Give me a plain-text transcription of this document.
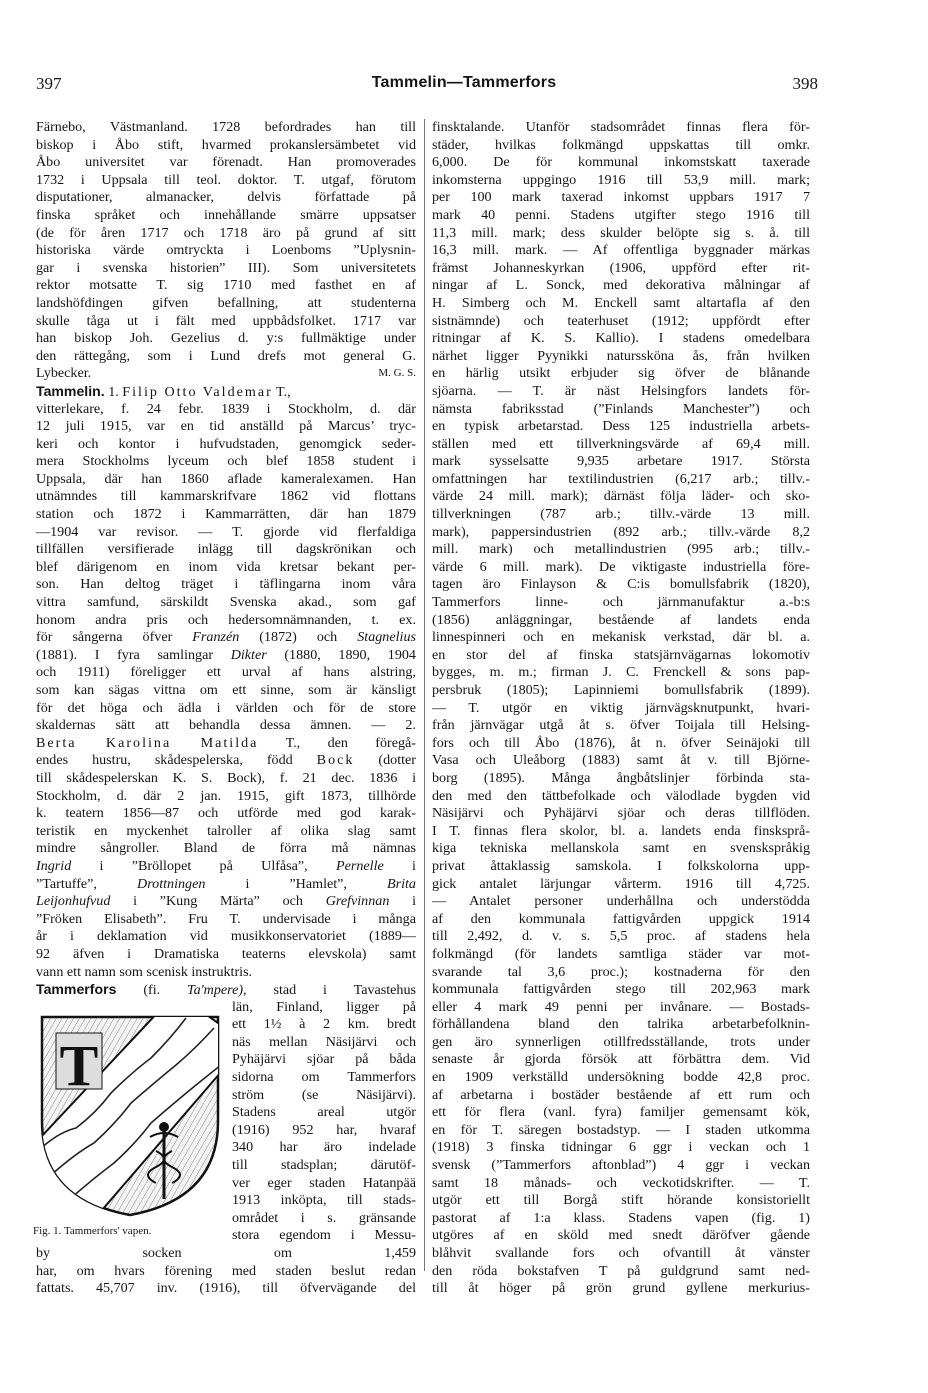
397	Tammelin—Tammerfors	398
Färnebo, Västmanland. 1728 befordrades han till
biskop i Åbo stift, hvarmed prokanslersämbetet vid
Åbo universitet var förenadt. Han promoverades
1732 i Uppsala till teol. doktor. T. utgaf, förutom
disputationer, almanacker, delvis författade på
finska språket och innehållande smärre uppsatser
(de för åren 1717 och 1718 äro på grund af sitt
historiska värde omtryckta i Loenboms ”Uplysnin-
gar i svenska historien” III). Som universitetets
rektor motsatte T. sig 1710 med fasthet en af
landshöfdingen gifven befallning, att studenterna
skulle tåga ut i fält med uppbådsfolket. 1717 var
han biskop Joh. Gezelius d. y:s fullmäktige under
den rättegång, som i Lund drefs mot general G.
Lybecker.	M. G. S.
Tammelin. 1. Filip Otto Valdemar T.,
vitterlekare, f. 24 febr. 1839 i Stockholm, d. där
12 juli 1915, var en tid anställd på Marcus’ tryc-
keri och kontor i hufvudstaden, genomgick seder-
mera Stockholms lyceum och blef 1858 student i
Uppsala, där han 1860 aflade kameralexamen. Han
utnämndes till kammarskrifvare 1862 vid flottans
station och 1872 i Kammarrätten, där han 1879
—1904 var revisor. — T. gjorde vid flerfaldiga
tillfällen versifierade inlägg till dagskrönikan och
blef därigenom en inom vida kretsar bekant per-
son. Han deltog träget i täflingarna inom våra
vittra samfund, särskildt Svenska akad., som gaf
honom andra pris och hedersomnämnanden, t. ex.
för sångerna öfver Franzén (1872) och Stagnelius
(1881). I fyra samlingar Dikter (1880, 1890, 1904
och 1911) föreligger ett urval af hans alstring,
som kan sägas vittna om ett sinne, som är känsligt
för det höga och ädla i världen och för de store
skaldernas sätt att behandla dessa ämnen. — 2.
Berta Karolina Matilda T., den föregå-
endes hustru, skådespelerska, född Bock (dotter
till skådespelerskan K. S. Bock), f. 21 dec. 1836 i
Stockholm, d. där 2 jan. 1915, gift 1873, tillhörde
k. teatern 1856—87 och utförde med god karak-
teristik en myckenhet talroller af olika slag samt
mindre sångroller. Bland de förra må nämnas
Ingrid i ”Bröllopet på Ulfåsa”, Pernelle i
”Tartuffe”,	Drottningen	i	”Hamlet”,	Brita
Leijonhufvud i ”Kung Märta” och Grefvinnan i
”Fröken Elisabeth”. Fru T. undervisade i många
år i deklamation vid musikkonservatoriet (1889—
92 äfven i Dramatiska teaterns elevskola) samt
vann ett namn som scenisk instruktris.
Tammerfors (fi. Ta'mpere), stad i Tavastehus
T
Fig. 1. Tammerfors' vapen.
län, Finland, ligger på
ett 1½ à 2 km. bredt
näs mellan Näsijärvi och
Pyhäjärvi sjöar på båda
sidorna om Tammerfors
ström (se Näsijärvi).
Stadens areal utgör
(1916) 952 har, hvaraf
340 har äro indelade
till stadsplan; därutöf-
ver eger staden Hatanpää
1913 inköpta, till stads-
området i s. gränsande
stora egendom i Messu-
by socken om 1,459
har, om hvars förening med staden beslut redan
fattats. 45,707 inv. (1916), till öfvervägande del
finsktalande. Utanför stadsområdet finnas flera för-
städer, hvilkas folkmängd uppskattas till omkr.
6,000. De för kommunal inkomstskatt taxerade
inkomsterna uppgingo 1916 till 53,9 mill. mark;
per 100 mark taxerad inkomst uppbars 1917 7
mark 40 penni. Stadens utgifter stego 1916 till
11,3 mill. mark; dess skulder belöpte sig s. å. till
16,3 mill. mark. — Af offentliga byggnader märkas
främst Johanneskyrkan (1906, uppförd efter rit-
ningar af L. Sonck, med dekorativa målningar af
H. Simberg och M. Enckell samt altartafla af den
sistnämnde) och teaterhuset (1912; uppfördt efter
ritningar af K. S. Kallio). I stadens omedelbara
närhet ligger Pyynikki naturssköna ås, från hvilken
en härlig utsikt erbjuder sig öfver de blånande
sjöarna. — T. är näst Helsingfors landets för-
nämsta fabriksstad (”Finlands Manchester”) och
en typisk arbetarstad. Dess 125 industriella arbets-
ställen med ett tillverkningsvärde af 69,4 mill.
mark sysselsatte 9,935 arbetare 1917. Största
omfattningen har textilindustrien (6,217 arb.; tillv.-
värde 24 mill. mark); därnäst följa läder- och sko-
tillverkningen (787 arb.; tillv.-värde 13 mill.
mark), pappersindustrien (892 arb.; tillv.-värde 8,2
mill. mark) och metallindustrien (995 arb.; tillv.-
värde 6 mill. mark). De viktigaste industriella före-
tagen äro Finlayson & C:is bomullsfabrik (1820),
Tammerfors linne- och järnmanufaktur a.-b:s
(1856) anläggningar, bestående af landets enda
linnespinneri och en mekanisk verkstad, där bl. a.
en stor del af finska statsjärnvägarnas lokomotiv
bygges, m. m.; firman J. C. Frenckell & sons pap-
persbruk (1805); Lapinniemi bomullsfabrik (1899).
— T. utgör en viktig järnvägsknutpunkt, hvari-
från järnvägar utgå åt s. öfver Toijala till Helsing-
fors och till Åbo (1876), åt n. öfver Seinäjoki till
Vasa och Uleåborg (1883) samt åt v. till Björne-
borg (1895). Många ångbåtslinjer förbinda sta-
den med den tättbefolkade och välodlade bygden vid
Näsijärvi och Pyhäjärvi sjöar och deras tillflöden.
I T. finnas flera skolor, bl. a. landets enda finsksprå-
kiga tekniska mellanskola samt en svenskspråkig
privat åttaklassig samskola. I folkskolorna upp-
gick antalet lärjungar vårterm. 1916 till 4,725.
— Antalet personer underhållna och understödda
af den kommunala fattigvården uppgick 1914
till 2,492, d. v. s. 5,5 proc. af stadens hela
folkmängd (för landets samtliga städer var mot-
svarande tal 3,6 proc.); kostnaderna för den
kommunala fattigvården stego till 202,963 mark
eller 4 mark 49 penni per invånare. — Bostads-
förhållandena bland den talrika arbetarbefolknin-
gen äro synnerligen otillfredsställande, trots under
senaste år gjorda försök att förbättra dem. Vid
en 1909 verkställd undersökning bodde 42,8 proc.
af arbetarna i bostäder bestående af ett rum och
ett för flera (vanl. fyra) familjer gemensamt kök,
en för T. säregen bostadstyp. — I staden utkomma
(1918) 3 finska tidningar 6 ggr i veckan och 1
svensk (”Tammerfors aftonblad”) 4 ggr i veckan
samt 18 månads- och veckotidskrifter. — T.
utgör ett till Borgå stift hörande konsistoriellt
pastorat af 1:a klass. Stadens vapen (fig. 1)
utgöres af en sköld med snedt däröfver gående
blåhvit svallande fors och ofvantill åt vänster
den röda bokstafven T på guldgrund samt ned-
till åt höger på grön grund gyllene merkurius-
